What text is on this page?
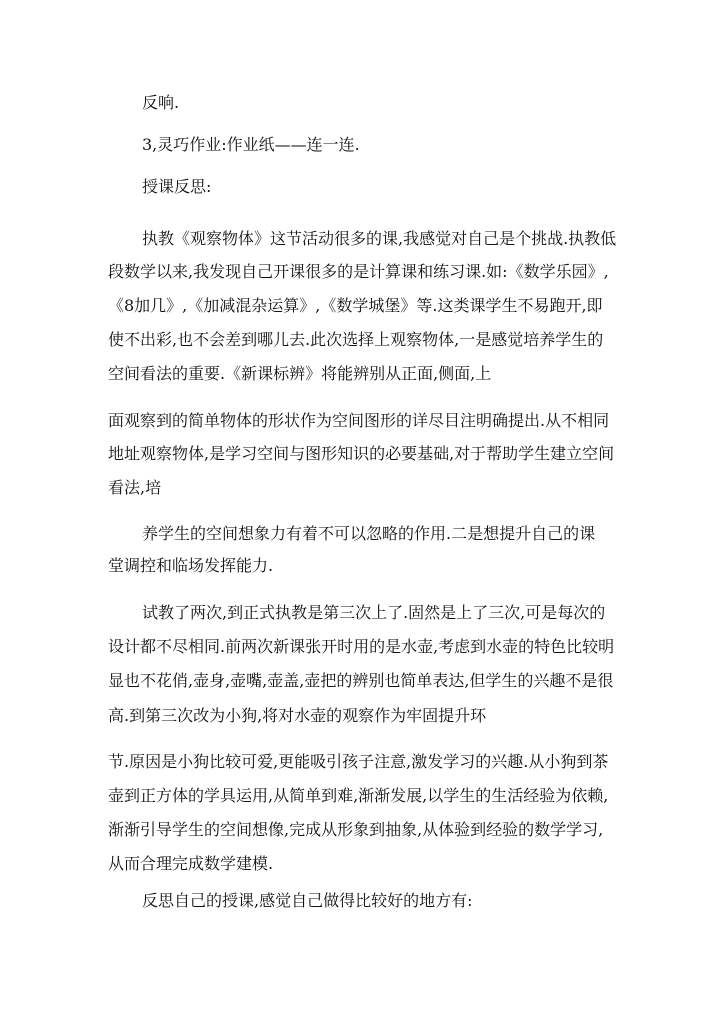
反响.
3,灵巧作业:作业纸——连一连.
授课反思:
执教《观察物体》这节活动很多的课,我感觉对自己是个挑战.执教低
段数学以来,我发现自己开课很多的是计算课和练习课.如:《数学乐园》,
《8加几》,《加减混杂运算》,《数学城堡》等.这类课学生不易跑开,即
使不出彩,也不会差到哪儿去.此次选择上观察物体,一是感觉培养学生的
空间看法的重要.《新课标辨》将能辨别从正面,侧面,上
面观察到的简单物体的形状作为空间图形的详尽目注明确提出.从不相同
地址观察物体,是学习空间与图形知识的必要基础,对于帮助学生建立空间
看法,培
养学生的空间想象力有着不可以忽略的作用.二是想提升自己的课
堂调控和临场发挥能力.
试教了两次,到正式执教是第三次上了.固然是上了三次,可是每次的
设计都不尽相同.前两次新课张开时用的是水壶,考虑到水壶的特色比较明
显也不花俏,壶身,壶嘴,壶盖,壶把的辨别也简单表达,但学生的兴趣不是很
高.到第三次改为小狗,将对水壶的观察作为牢固提升环
节.原因是小狗比较可爱,更能吸引孩子注意,激发学习的兴趣.从小狗到茶
壶到正方体的学具运用,从简单到难,渐渐发展,以学生的生活经验为依赖,
渐渐引导学生的空间想像,完成从形象到抽象,从体验到经验的数学学习,
从而合理完成数学建模.
反思自己的授课,感觉自己做得比较好的地方有:
